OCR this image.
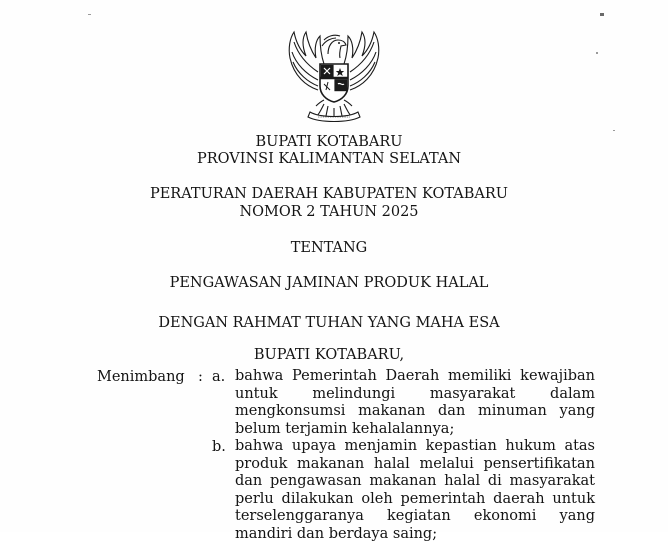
BUPATI KOTABARU
PROVINSI KALIMANTAN SELATAN
PERATURAN DAERAH KABUPATEN KOTABARU
NOMOR 2 TAHUN 2025
TENTANG
PENGAWASAN JAMINAN PRODUK HALAL
DENGAN RAHMAT TUHAN YANG MAHA ESA
BUPATI KOTABARU,
Menimbang : a. bahwa Pemerintah Daerah memiliki kewajiban untuk melindungi masyarakat dalam mengkonsumsi makanan dan minuman yang belum terjamin kehalalannya;
b. bahwa upaya menjamin kepastian hukum atas produk makanan halal melalui pensertifikatan dan pengawasan makanan halal di masyarakat perlu dilakukan oleh pemerintah daerah untuk terselenggaranya kegiatan ekonomi yang mandiri dan berdaya saing;
